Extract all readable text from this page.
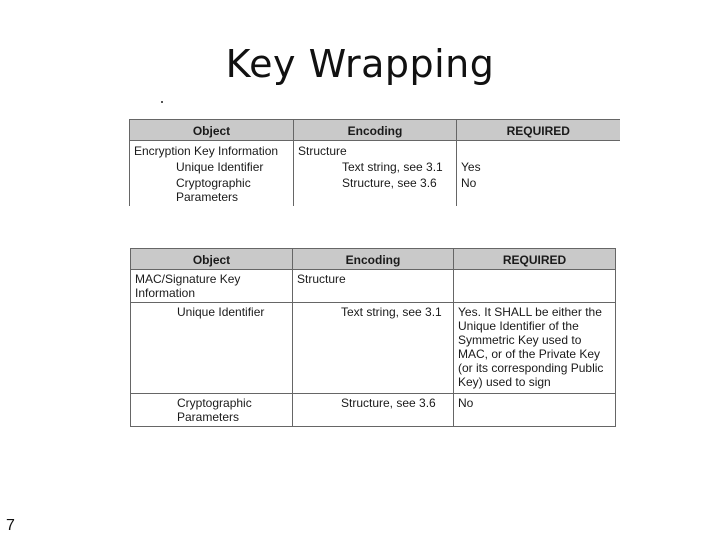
Key Wrapping
Object	Encoding	REQUIRED
Encryption Key Information	Structure	
Unique Identifier	Text string, see 3.1	Yes
Cryptographic Parameters	Structure, see 3.6	No
Object	Encoding	REQUIRED
MAC/Signature Key Information	Structure	
Unique Identifier	Text string, see 3.1	Yes. It SHALL be either the Unique Identifier of the Symmetric Key used to MAC, or of the Private Key (or its corresponding Public Key) used to sign
Cryptographic Parameters	Structure, see 3.6	No
7
